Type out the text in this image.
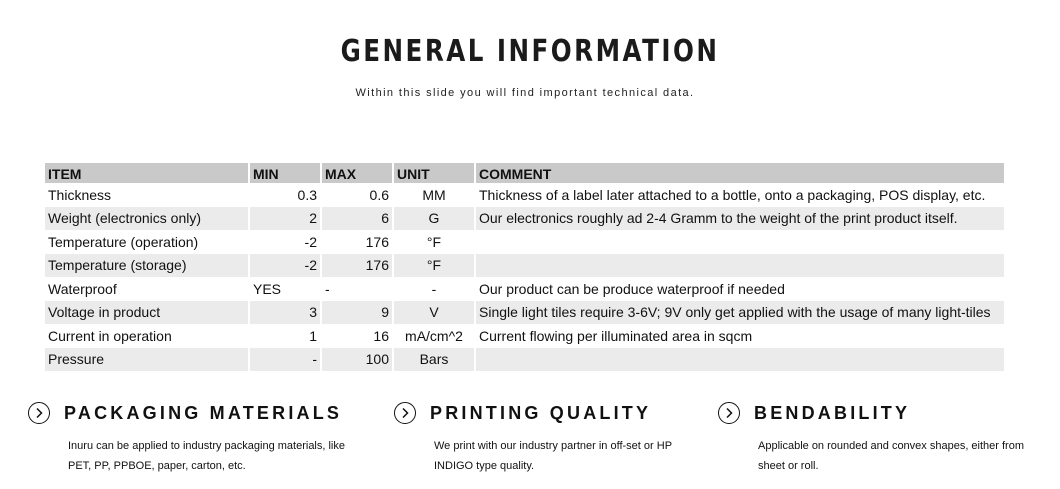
GENERAL INFORMATION
Within this slide you will find important technical data.
ITEM	MIN	MAX	UNIT	COMMENT
Thickness	0.3	0.6	MM	Thickness of a label later attached to a bottle, onto a packaging, POS display, etc.
Weight (electronics only)	2	6	G	Our electronics roughly ad 2-4 Gramm to the weight of the print product itself.
Temperature (operation)	-2	176	°F	
Temperature (storage)	-2	176	°F	
Waterproof	YES	-	-	Our product can be produce waterproof if needed
Voltage in product	3	9	V	Single light tiles require 3-6V; 9V only get applied with the usage of many light-tiles
Current in operation	1	16	mA/cm^2	Current flowing per illuminated area in sqcm
Pressure	-	100	Bars	
PACKAGING MATERIALS
Inuru can be applied to industry packaging materials, like PET, PP, PPBOE, paper, carton, etc.
PRINTING QUALITY
We print with our industry partner in off-set or HP INDIGO type quality.
BENDABILITY
Applicable on rounded and convex shapes, either from sheet or roll.
